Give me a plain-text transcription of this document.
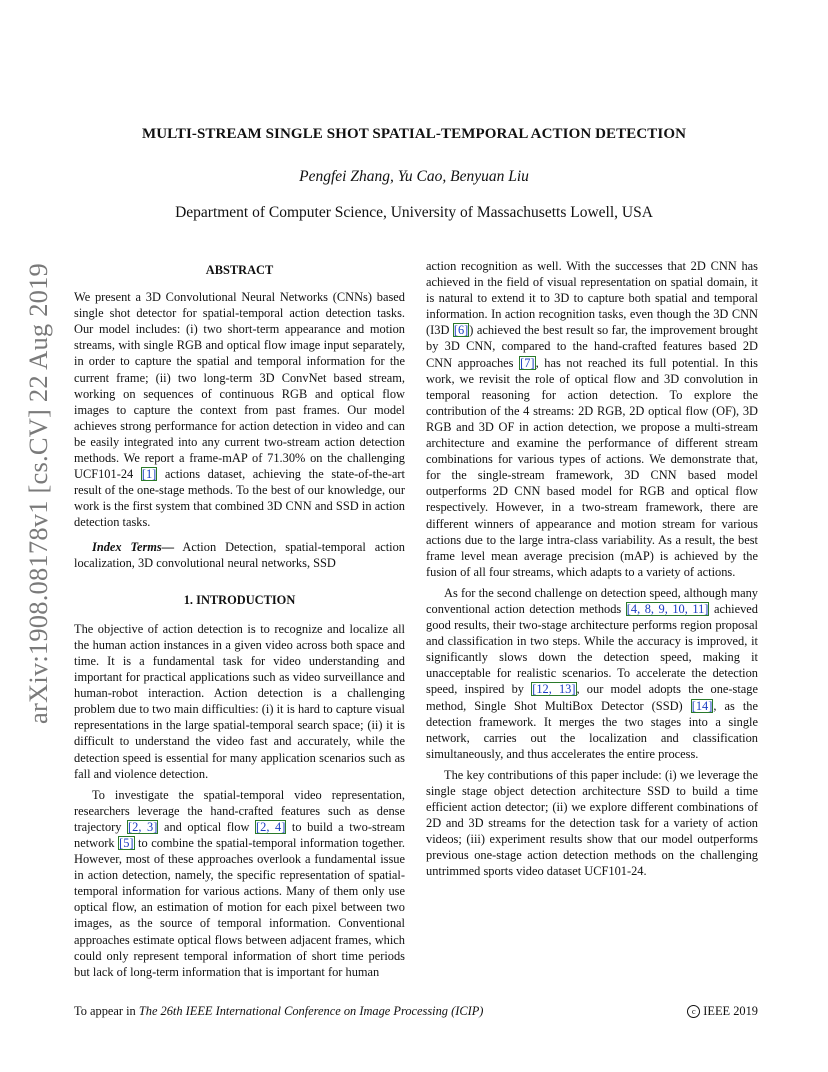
arXiv:1908.08178v1 [cs.CV] 22 Aug 2019
MULTI-STREAM SINGLE SHOT SPATIAL-TEMPORAL ACTION DETECTION
Pengfei Zhang, Yu Cao, Benyuan Liu
Department of Computer Science, University of Massachusetts Lowell, USA
ABSTRACT

We present a 3D Convolutional Neural Networks (CNNs) based single shot detector for spatial-temporal action detection tasks. Our model includes: (i) two short-term appearance and motion streams, with single RGB and optical flow image input separately, in order to capture the spatial and temporal information for the current frame; (ii) two long-term 3D ConvNet based stream, working on sequences of continuous RGB and optical flow images to capture the context from past frames. Our model achieves strong performance for action detection in video and can be easily integrated into any current two-stream action detection methods. We report a frame-mAP of 71.30% on the challenging UCF101-24 [1] actions dataset, achieving the state-of-the-art result of the one-stage methods. To the best of our knowledge, our work is the first system that combined 3D CNN and SSD in action detection tasks.

Index Terms— Action Detection, spatial-temporal action localization, 3D convolutional neural networks, SSD

1. INTRODUCTION

The objective of action detection is to recognize and localize all the human action instances in a given video across both space and time. It is a fundamental task for video understanding and important for practical applications such as video surveillance and human-robot interaction. Action detection is a challenging problem due to two main difficulties: (i) it is hard to capture visual representations in the large spatial-temporal search space; (ii) it is difficult to understand the video fast and accurately, while the detection speed is essential for many application scenarios such as fall and violence detection.

To investigate the spatial-temporal video representation, researchers leverage the hand-crafted features such as dense trajectory [2, 3] and optical flow [2, 4] to build a two-stream network [5] to combine the spatial-temporal information together. However, most of these approaches overlook a fundamental issue in action detection, namely, the specific representation of spatial-temporal information for various actions. Many of them only use optical flow, an estimation of motion for each pixel between two images, as the source of temporal information. Conventional approaches estimate optical flows between adjacent frames, which could only represent temporal information of short time periods but lack of long-term information that is important for human

action recognition as well. With the successes that 2D CNN has achieved in the field of visual representation on spatial domain, it is natural to extend it to 3D to capture both spatial and temporal information. In action recognition tasks, even though the 3D CNN (I3D [6]) achieved the best result so far, the improvement brought by 3D CNN, compared to the hand-crafted features based 2D CNN approaches [7], has not reached its full potential. In this work, we revisit the role of optical flow and 3D convolution in temporal reasoning for action detection. To explore the contribution of the 4 streams: 2D RGB, 2D optical flow (OF), 3D RGB and 3D OF in action detection, we propose a multi-stream architecture and examine the performance of different stream combinations for various types of actions. We demonstrate that, for the single-stream framework, 3D CNN based model outperforms 2D CNN based model for RGB and optical flow respectively. However, in a two-stream framework, there are different winners of appearance and motion stream for various actions due to the large intra-class variability. As a result, the best frame level mean average precision (mAP) is achieved by the fusion of all four streams, which adapts to a variety of actions.

As for the second challenge on detection speed, although many conventional action detection methods [4, 8, 9, 10, 11] achieved good results, their two-stage architecture performs region proposal and classification in two steps. While the accuracy is improved, it significantly slows down the detection speed, making it unacceptable for realistic scenarios. To accelerate the detection speed, inspired by [12, 13], our model adopts the one-stage method, Single Shot MultiBox Detector (SSD) [14], as the detection framework. It merges the two stages into a single network, carries out the localization and classification simultaneously, and thus accelerates the entire process.

The key contributions of this paper include: (i) we leverage the single stage object detection architecture SSD to build a time efficient action detector; (ii) we explore different combinations of 2D and 3D streams for the detection task for a variety of action videos; (iii) experiment results show that our model outperforms previous one-stage action detection methods on the challenging untrimmed sports video dataset UCF101-24.

To appear in The 26th IEEE International Conference on Image Processing (ICIP)	c IEEE 2019
